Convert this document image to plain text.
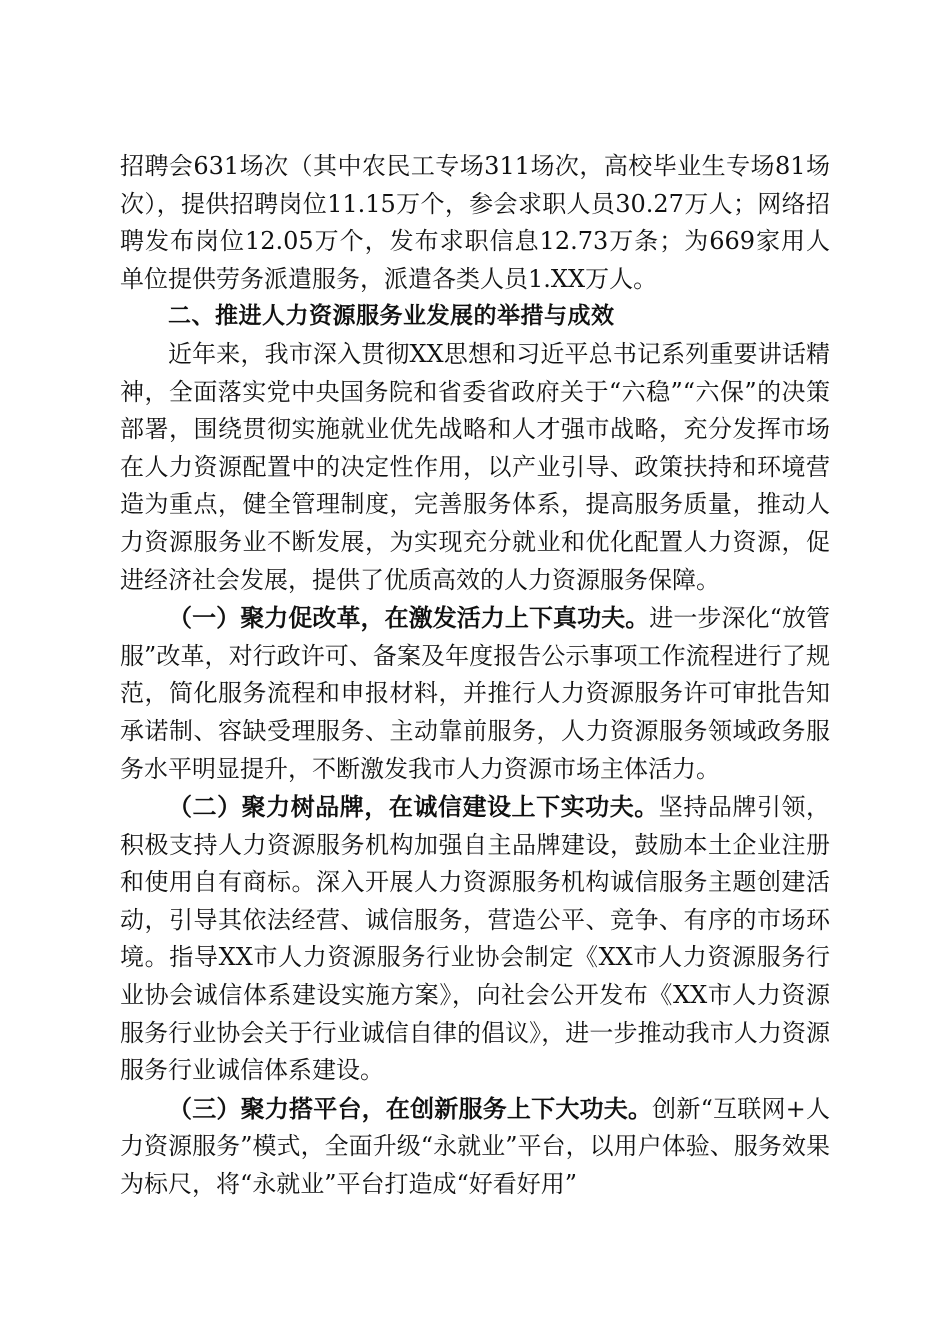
招聘会631场次（其中农民工专场311场次，高校毕业生专场81场次），提供招聘岗位11.15万个，参会求职人员30.27万人；网络招聘发布岗位12.05万个，发布求职信息12.73万条；为669家用人单位提供劳务派遣服务，派遣各类人员1.XX万人。

二、推进人力资源服务业发展的举措与成效

近年来，我市深入贯彻XX思想和习近平总书记系列重要讲话精神，全面落实党中央国务院和省委省政府关于“六稳”“六保”的决策部署，围绕贯彻实施就业优先战略和人才强市战略，充分发挥市场在人力资源配置中的决定性作用，以产业引导、政策扶持和环境营造为重点，健全管理制度，完善服务体系，提高服务质量，推动人力资源服务业不断发展，为实现充分就业和优化配置人力资源，促进经济社会发展，提供了优质高效的人力资源服务保障。

（一）聚力促改革，在激发活力上下真功夫。进一步深化“放管服”改革，对行政许可、备案及年度报告公示事项工作流程进行了规范，简化服务流程和申报材料，并推行人力资源服务许可审批告知承诺制、容缺受理服务、主动靠前服务，人力资源服务领域政务服务水平明显提升，不断激发我市人力资源市场主体活力。

（二）聚力树品牌，在诚信建设上下实功夫。坚持品牌引领，积极支持人力资源服务机构加强自主品牌建设，鼓励本土企业注册和使用自有商标。深入开展人力资源服务机构诚信服务主题创建活动，引导其依法经营、诚信服务，营造公平、竞争、有序的市场环境。指导XX市人力资源服务行业协会制定《XX市人力资源服务行业协会诚信体系建设实施方案》，向社会公开发布《XX市人力资源服务行业协会关于行业诚信自律的倡议》，进一步推动我市人力资源服务行业诚信体系建设。

（三）聚力搭平台，在创新服务上下大功夫。创新“互联网+人力资源服务”模式，全面升级“永就业”平台，以用户体验、服务效果为标尺，将“永就业”平台打造成“好看好用”
